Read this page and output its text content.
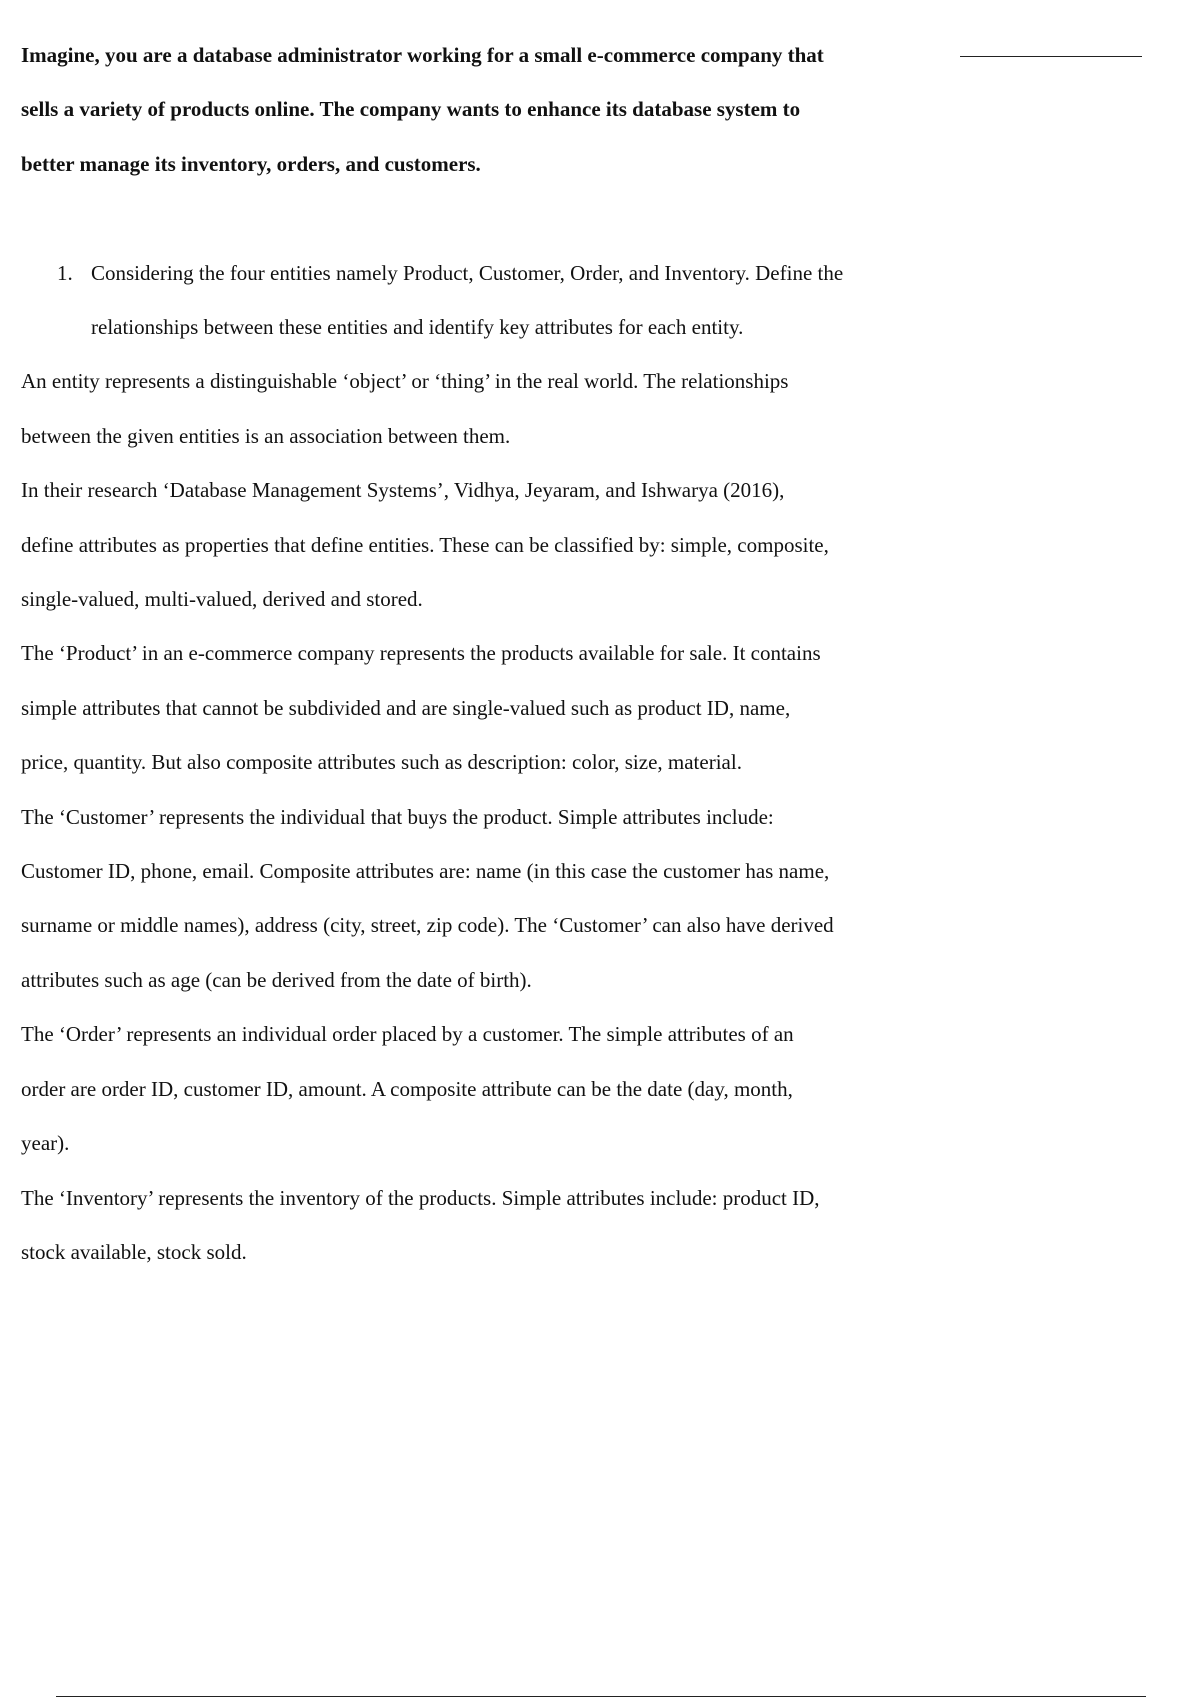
Imagine, you are a database administrator working for a small e-commerce company that

sells a variety of products online. The company wants to enhance its database system to

better manage its inventory, orders, and customers.

1. Considering the four entities namely Product, Customer, Order, and Inventory. Define the

relationships between these entities and identify key attributes for each entity.

An entity represents a distinguishable ‘object’ or ‘thing’ in the real world. The relationships

between the given entities is an association between them.

In their research ‘Database Management Systems’, Vidhya, Jeyaram, and Ishwarya (2016),

define attributes as properties that define entities. These can be classified by: simple, composite,

single-valued, multi-valued, derived and stored.

The ‘Product’ in an e-commerce company represents the products available for sale. It contains

simple attributes that cannot be subdivided and are single-valued such as product ID, name,

price, quantity. But also composite attributes such as description: color, size, material.

The ‘Customer’ represents the individual that buys the product. Simple attributes include:

Customer ID, phone, email. Composite attributes are: name (in this case the customer has name,

surname or middle names), address (city, street, zip code). The ‘Customer’ can also have derived

attributes such as age (can be derived from the date of birth).

The ‘Order’ represents an individual order placed by a customer. The simple attributes of an

order are order ID, customer ID, amount. A composite attribute can be the date (day, month,

year).

The ‘Inventory’ represents the inventory of the products. Simple attributes include: product ID,

stock available, stock sold.
